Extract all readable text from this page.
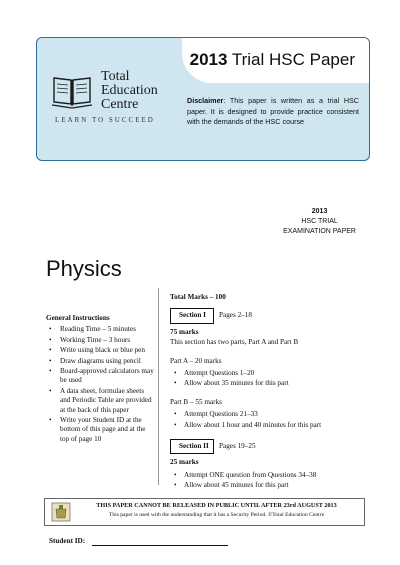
2013 Trial HSC Paper
Total
Education
Centre
LEARN TO SUCCEED
Disclaimer: This paper is written as a trial HSC paper. It is designed to provide practice consistent with the demands of the HSC course
2013
HSC TRIAL
EXAMINATION PAPER
Physics
General Instructions
• Reading Time – 5 minutes
• Working Time – 3 hours
• Write using black or blue pen
• Draw diagrams using pencil
• Board-approved calculators may be used
• A data sheet, formulae sheets and Periodic Table are provided at the back of this paper
• Write your Student ID at the bottom of this page and at the top of page 10
Total Marks – 100
Section I	Pages 2–18

75 marks

This section has two parts, Part A and Part B

Part A – 20 marks

• Attempt Questions 1–20
• Allow about 35 minutes for this part

Part B – 55 marks

• Attempt Questions 21–33
• Allow about 1 hour and 40 minutes for this part
Section II	Pages 19–25

25 marks

• Attempt ONE question from Questions 34–38
• Allow about 45 minutes for this part
THIS PAPER CANNOT BE RELEASED IN PUBLIC UNTIL AFTER 23rd AUGUST 2013
This paper is used with the understanding that it has a Security Period. ©Total Education Centre
Student ID:
